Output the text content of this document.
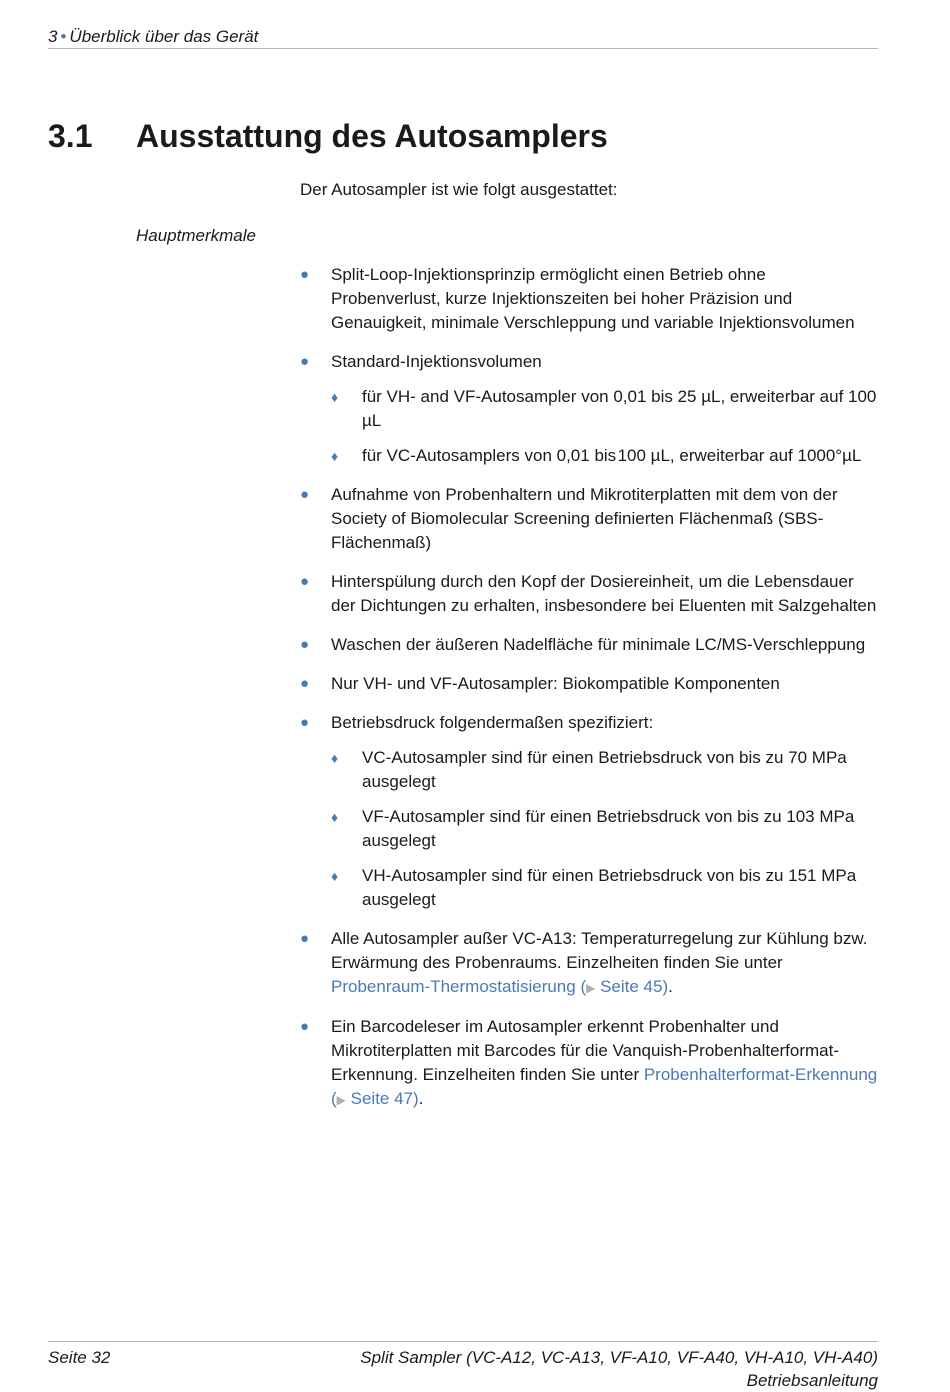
3 • Überblick über das Gerät
3.1 Ausstattung des Autosamplers
Der Autosampler ist wie folgt ausgestattet:
Hauptmerkmale
● Split-Loop-Injektionsprinzip ermöglicht einen Betrieb ohne Probenverlust, kurze Injektionszeiten bei hoher Präzision und Genauigkeit, minimale Verschleppung und variable Injektionsvolumen
● Standard-Injektionsvolumen
♦ für VH- and VF-Autosampler von 0,01 bis 25 µL, erweiterbar auf 100 µL
♦ für VC-Autosamplers von 0,01 bis 100 µL, erweiterbar auf 1000°µL
● Aufnahme von Probenhaltern und Mikrotiterplatten mit dem von der Society of Biomolecular Screening definierten Flächenmaß (SBS-Flächenmaß)
● Hinterspülung durch den Kopf der Dosiereinheit, um die Lebensdauer der Dichtungen zu erhalten, insbesondere bei Eluenten mit Salzgehalten
● Waschen der äußeren Nadelfläche für minimale LC/MS-Verschleppung
● Nur VH- und VF-Autosampler: Biokompatible Komponenten
● Betriebsdruck folgendermaßen spezifiziert:
♦ VC-Autosampler sind für einen Betriebsdruck von bis zu 70 MPa ausgelegt
♦ VF-Autosampler sind für einen Betriebsdruck von bis zu 103 MPa ausgelegt
♦ VH-Autosampler sind für einen Betriebsdruck von bis zu 151 MPa ausgelegt
● Alle Autosampler außer VC-A13: Temperaturregelung zur Kühlung bzw. Erwärmung des Probenraums. Einzelheiten finden Sie unter Probenraum-Thermostatisierung (▶ Seite 45).
● Ein Barcodeleser im Autosampler erkennt Probenhalter und Mikrotiterplatten mit Barcodes für die Vanquish-Probenhalterformat-Erkennung. Einzelheiten finden Sie unter Probenhalterformat-Erkennung (▶ Seite 47).
Seite 32	Split Sampler (VC-A12, VC-A13, VF-A10, VF-A40, VH-A10, VH-A40)
Betriebsanleitung
